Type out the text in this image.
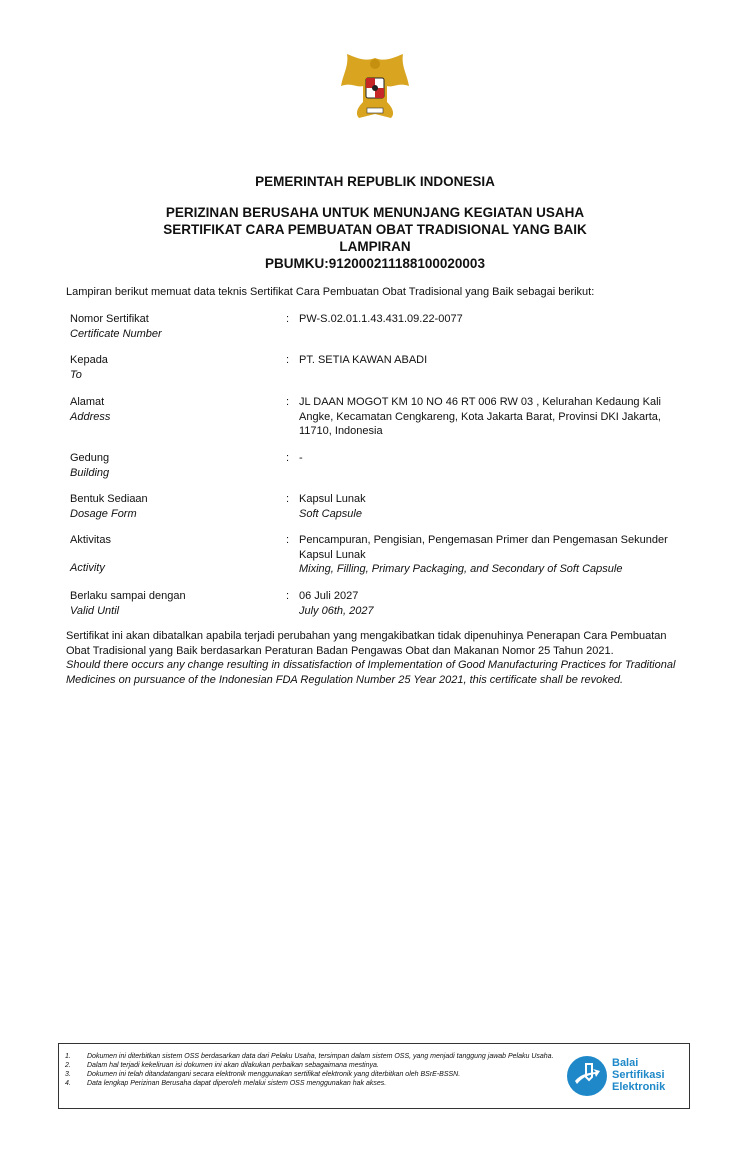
PEMERINTAH REPUBLIK INDONESIA
PERIZINAN BERUSAHA UNTUK MENUNJANG KEGIATAN USAHA
SERTIFIKAT CARA PEMBUATAN OBAT TRADISIONAL YANG BAIK
LAMPIRAN
PBUMKU:912000211188100020003
Lampiran berikut memuat data teknis Sertifikat Cara Pembuatan Obat Tradisional yang Baik sebagai berikut:
Nomor Sertifikat
Certificate Number
: PW-S.02.01.1.43.431.09.22-0077
Kepada
To
: PT. SETIA KAWAN ABADI
Alamat
Address
: JL DAAN MOGOT KM 10 NO 46 RT 006 RW 03 , Kelurahan Kedaung Kali Angke, Kecamatan Cengkareng, Kota Jakarta Barat, Provinsi DKI Jakarta, 11710, Indonesia
Gedung
Building
: -
Bentuk Sediaan
Dosage Form
: Kapsul Lunak
Soft Capsule
Aktivitas
Activity
: Pencampuran, Pengisian, Pengemasan Primer dan Pengemasan Sekunder Kapsul Lunak
Mixing, Filling, Primary Packaging, and Secondary of Soft Capsule
Berlaku sampai dengan
Valid Until
: 06 Juli 2027
July 06th, 2027
Sertifikat ini akan dibatalkan apabila terjadi perubahan yang mengakibatkan tidak dipenuhinya Penerapan Cara Pembuatan Obat Tradisional yang Baik berdasarkan Peraturan Badan Pengawas Obat dan Makanan Nomor 25 Tahun 2021.
Should there occurs any change resulting in dissatisfaction of Implementation of Good Manufacturing Practices for Traditional Medicines on pursuance of the Indonesian FDA Regulation Number 25 Year 2021, this certificate shall be revoked.
1.	Dokumen ini diterbitkan sistem OSS berdasarkan data dari Pelaku Usaha, tersimpan dalam sistem OSS, yang menjadi tanggung jawab Pelaku Usaha.
2.	Dalam hal terjadi kekeliruan isi dokumen ini akan dilakukan perbaikan sebagaimana mestinya.
3.	Dokumen ini telah ditandatangani secara elektronik menggunakan sertifikat elektronik yang diterbitkan oleh BSrE-BSSN.
4.	Data lengkap Perizinan Berusaha dapat diperoleh melalui sistem OSS menggunakan hak akses.
Balai
Sertifikasi
Elektronik
